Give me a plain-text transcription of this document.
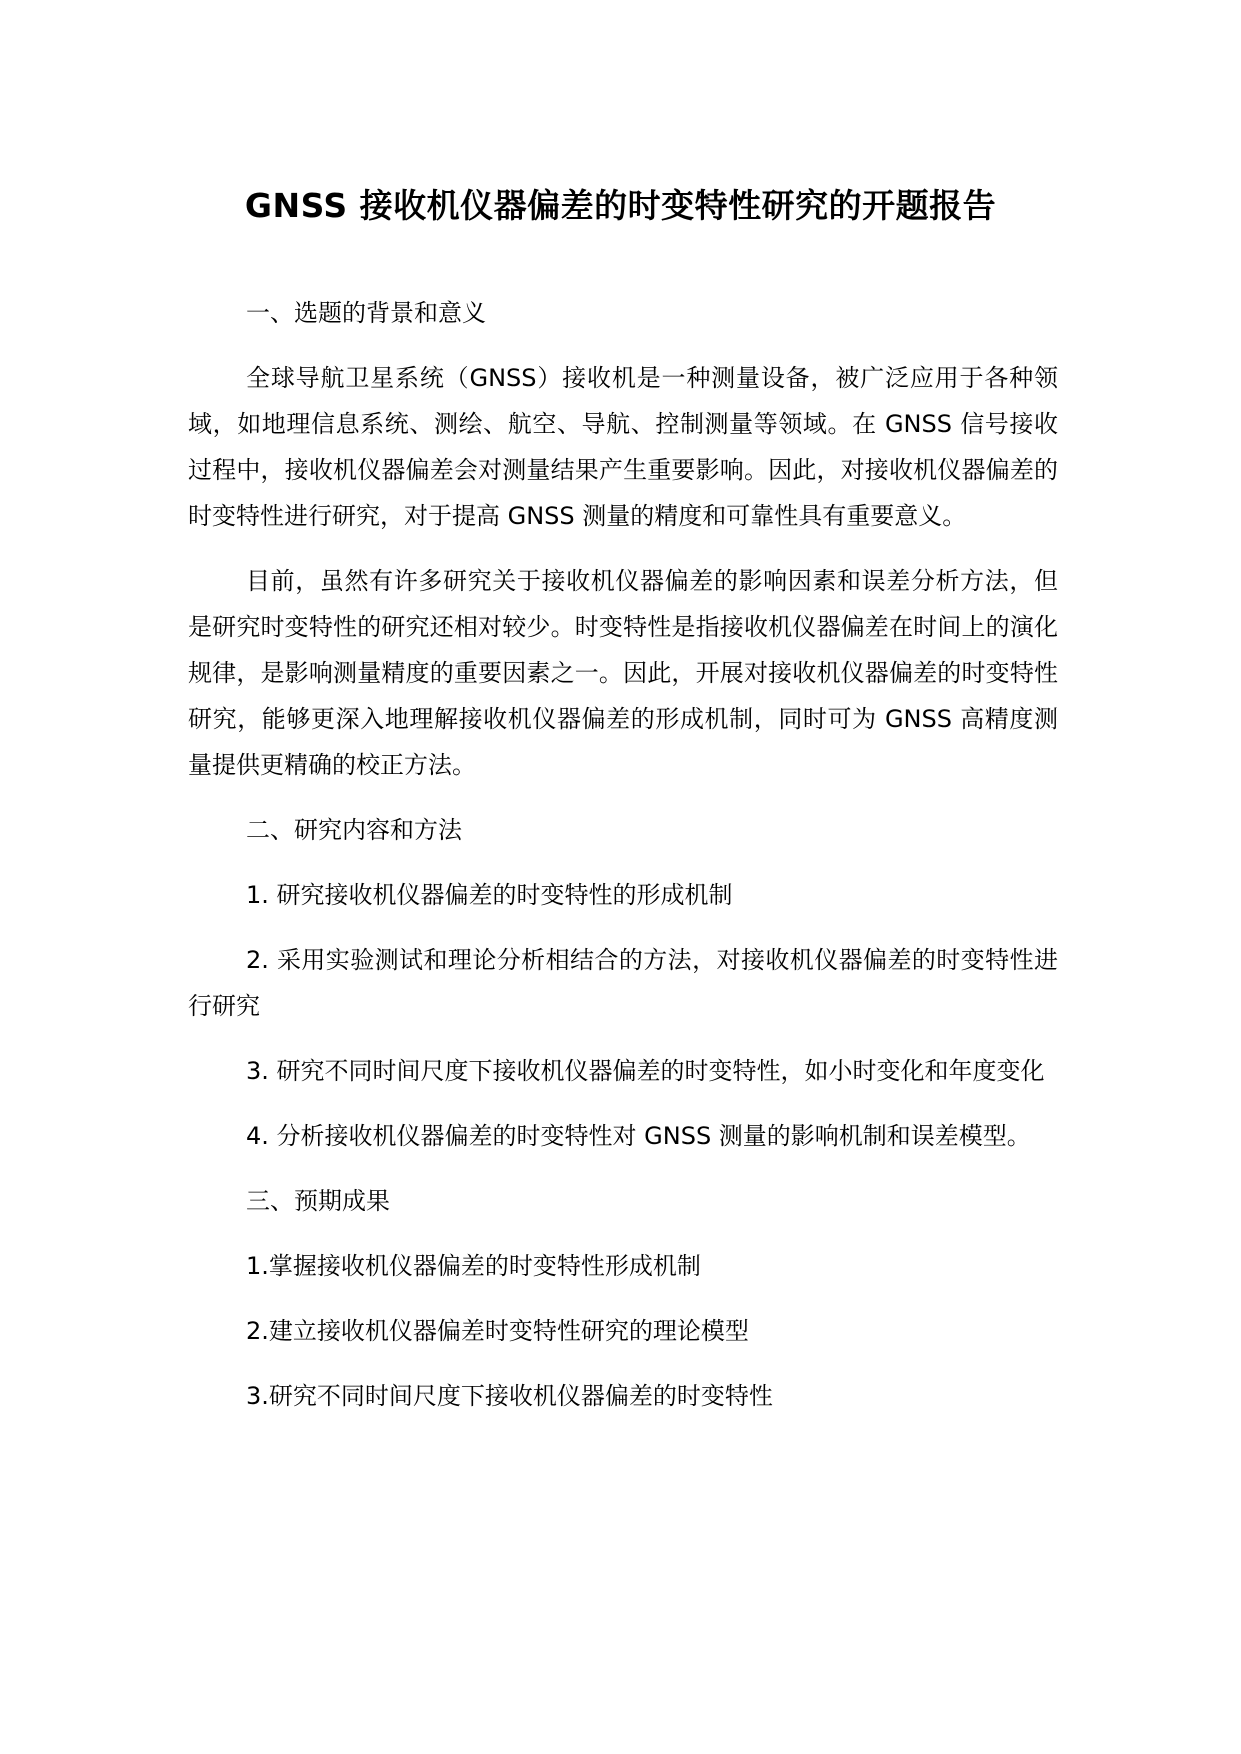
GNSS 接收机仪器偏差的时变特性研究的开题报告

一、选题的背景和意义

全球导航卫星系统（GNSS）接收机是一种测量设备，被广泛应用于各种领域，如地理信息系统、测绘、航空、导航、控制测量等领域。在 GNSS 信号接收过程中，接收机仪器偏差会对测量结果产生重要影响。因此，对接收机仪器偏差的时变特性进行研究，对于提高 GNSS 测量的精度和可靠性具有重要意义。

目前，虽然有许多研究关于接收机仪器偏差的影响因素和误差分析方法，但是研究时变特性的研究还相对较少。时变特性是指接收机仪器偏差在时间上的演化规律，是影响测量精度的重要因素之一。因此，开展对接收机仪器偏差的时变特性研究，能够更深入地理解接收机仪器偏差的形成机制，同时可为 GNSS 高精度测量提供更精确的校正方法。

二、研究内容和方法

1. 研究接收机仪器偏差的时变特性的形成机制

2. 采用实验测试和理论分析相结合的方法，对接收机仪器偏差的时变特性进行研究

3. 研究不同时间尺度下接收机仪器偏差的时变特性，如小时变化和年度变化

4. 分析接收机仪器偏差的时变特性对 GNSS 测量的影响机制和误差模型。

三、预期成果

1.掌握接收机仪器偏差的时变特性形成机制

2.建立接收机仪器偏差时变特性研究的理论模型

3.研究不同时间尺度下接收机仪器偏差的时变特性
